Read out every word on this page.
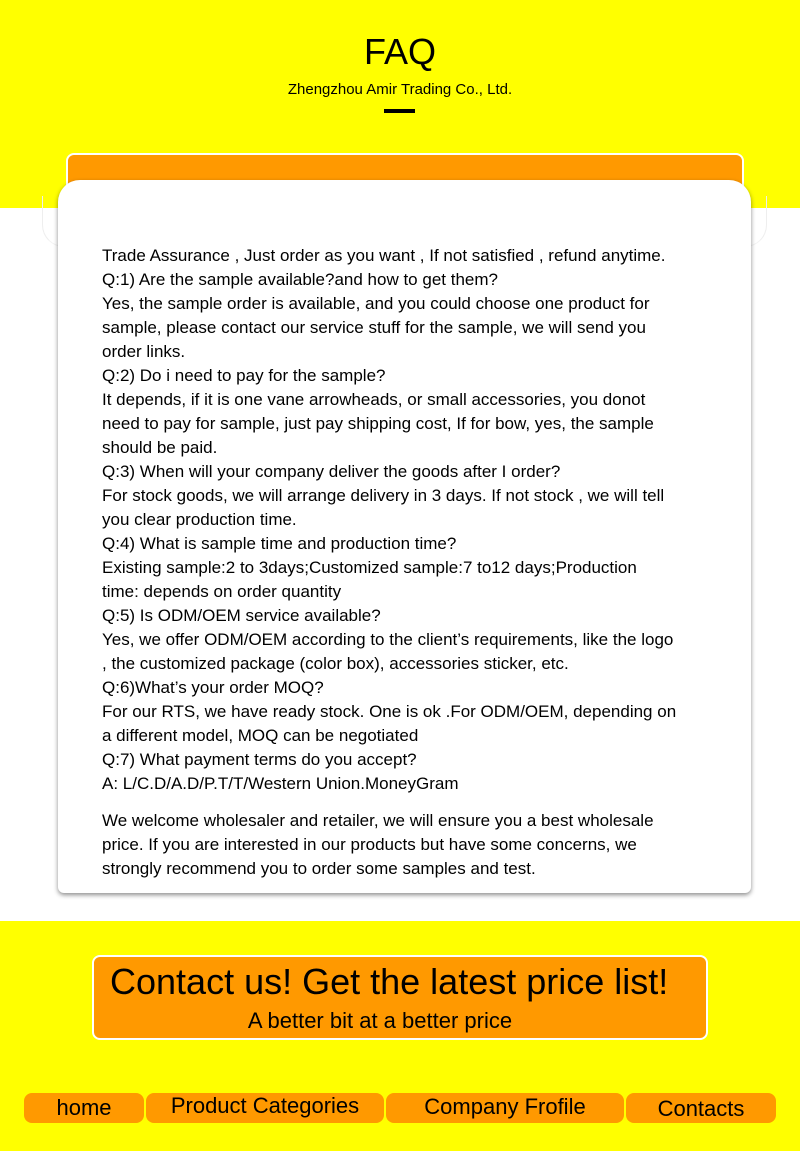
FAQ
Zhengzhou Amir Trading Co., Ltd.
Trade Assurance , Just order as you want , If not satisfied , refund anytime.
Q:1) Are the sample available?and how to get them?
Yes, the sample order is available, and you could choose one product for
sample, please contact our service stuff for the sample, we will send you
order links.
Q:2) Do i need to pay for the sample?
It depends, if it is one vane arrowheads, or small accessories, you donot
need to pay for sample, just pay shipping cost, If for bow, yes, the sample
should be paid.
Q:3) When will your company deliver the goods after I order?
For stock goods, we will arrange delivery in 3 days. If not stock , we will tell
you clear production time.
Q:4) What is sample time and production time?
Existing sample:2 to 3days;Customized sample:7 to12 days;Production
time: depends on order quantity
Q:5) Is ODM/OEM service available?
Yes, we offer ODM/OEM according to the client’s requirements, like the logo
, the customized package (color box), accessories sticker, etc.
Q:6)What’s your order MOQ?
For our RTS, we have ready stock. One is ok .For ODM/OEM, depending on
a different model, MOQ can be negotiated
Q:7) What payment terms do you accept?
A: L/C.D/A.D/P.T/T/Western Union.MoneyGram
We welcome wholesaler and retailer, we will ensure you a best wholesale
price. If you are interested in our products but have some concerns, we
strongly recommend you to order some samples and test.
Contact us! Get the latest price list!
A better bit at a better price
home	Product Categories	Company Frofile	Contacts
